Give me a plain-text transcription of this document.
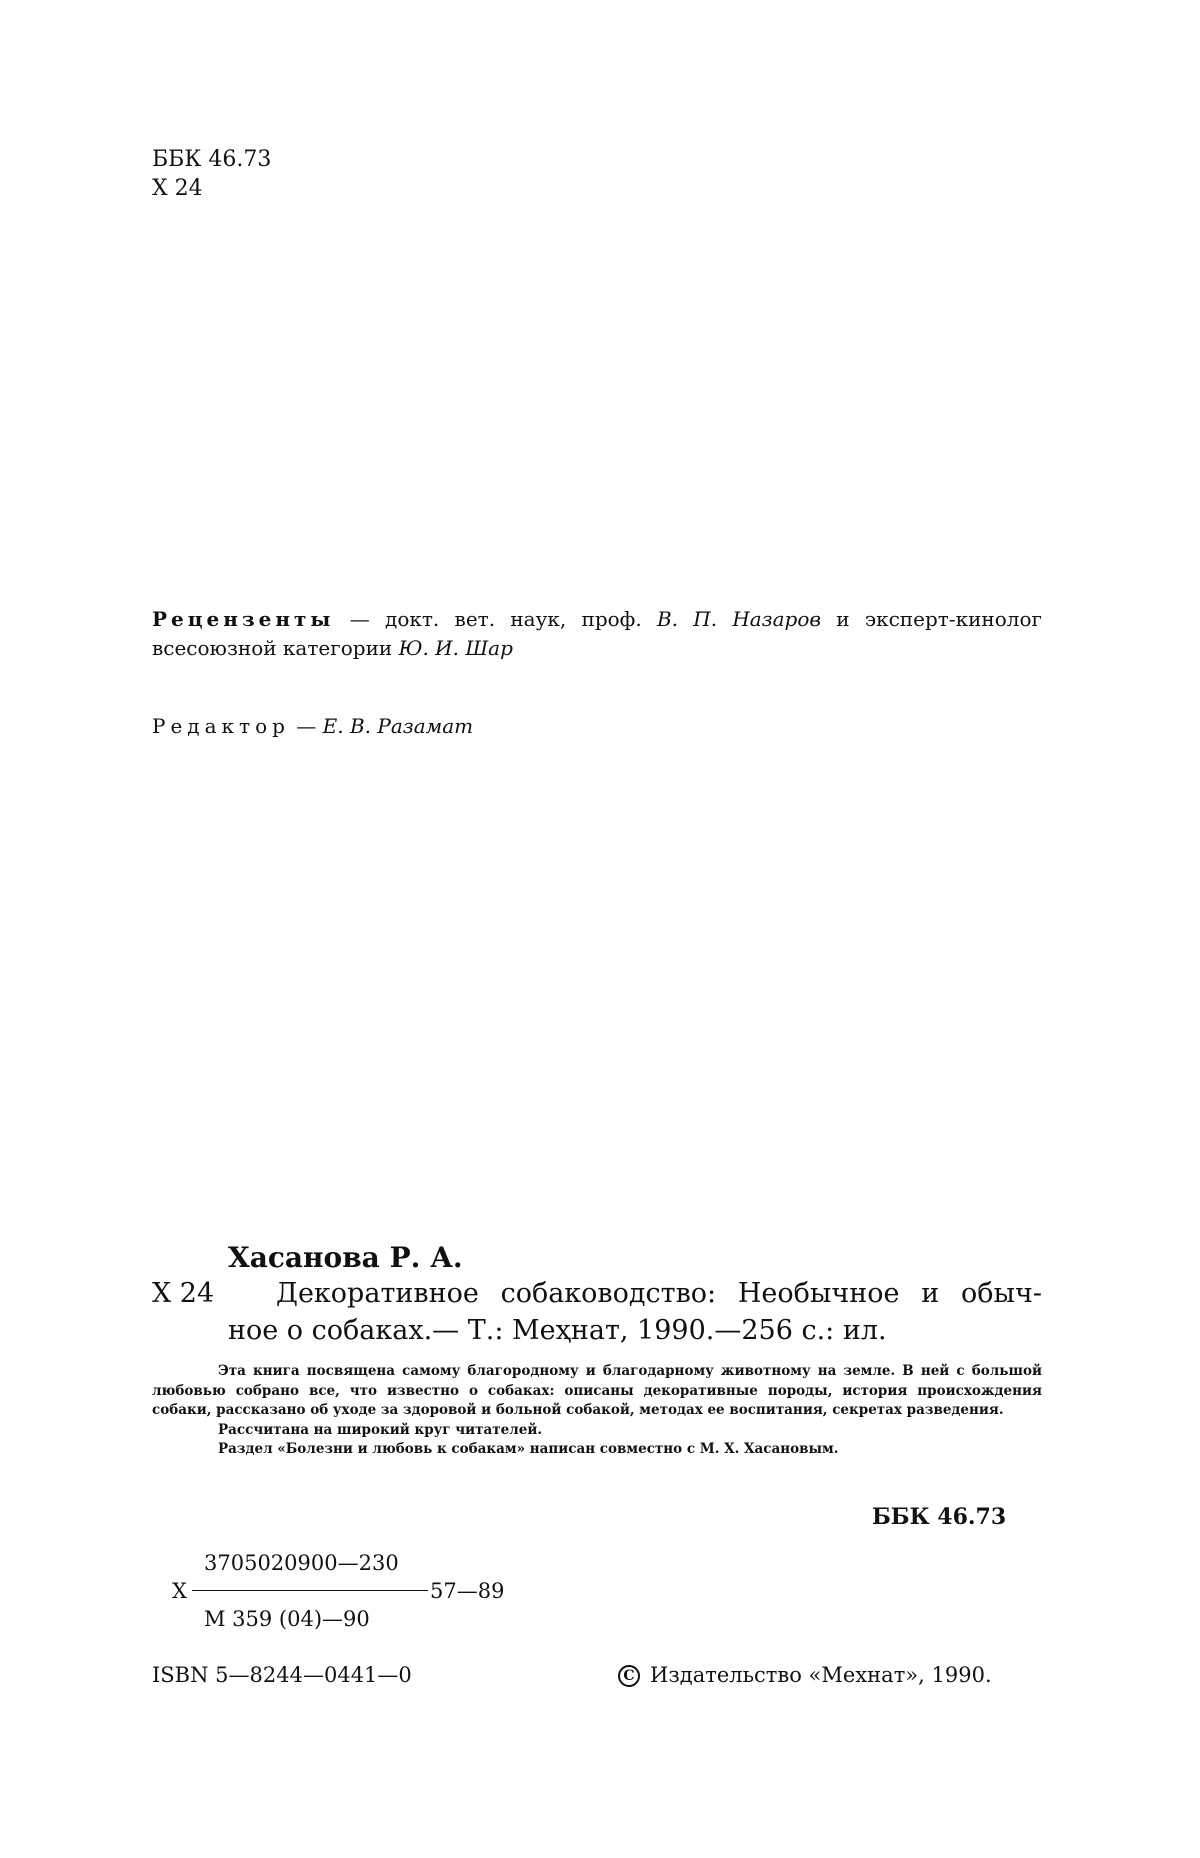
ББК 46.73
Х 24
Рецензенты — докт. вет. наук, проф. В. П. Назаров и эксперт-кинолог всесоюзной категории Ю. И. Шар
Редактор — Е. В. Разамат
Хасанова Р. А.
Х 24 Декоративное собаководство: Необычное и обыч-
ное о собаках.— Т.: Меҳнат, 1990.—256 с.: ил.

Эта книга посвящена самому благородному и благодарному животному на земле. В ней с большой любовью собрано все, что известно о собаках: описаны декоративные породы, история происхождения собаки, рассказано об уходе за здоровой и больной собакой, методах ее воспитания, секретах разведения.

Рассчитана на широкий круг читателей.

Раздел «Болезни и любовь к собакам» написан совместно с М. Х. Хасановым.

ББК 46.73
3705020900—230
Х	57—89
М 359 (04)—90
ISBN 5—8244—0441—0	C Издательство «Мехнат», 1990.
